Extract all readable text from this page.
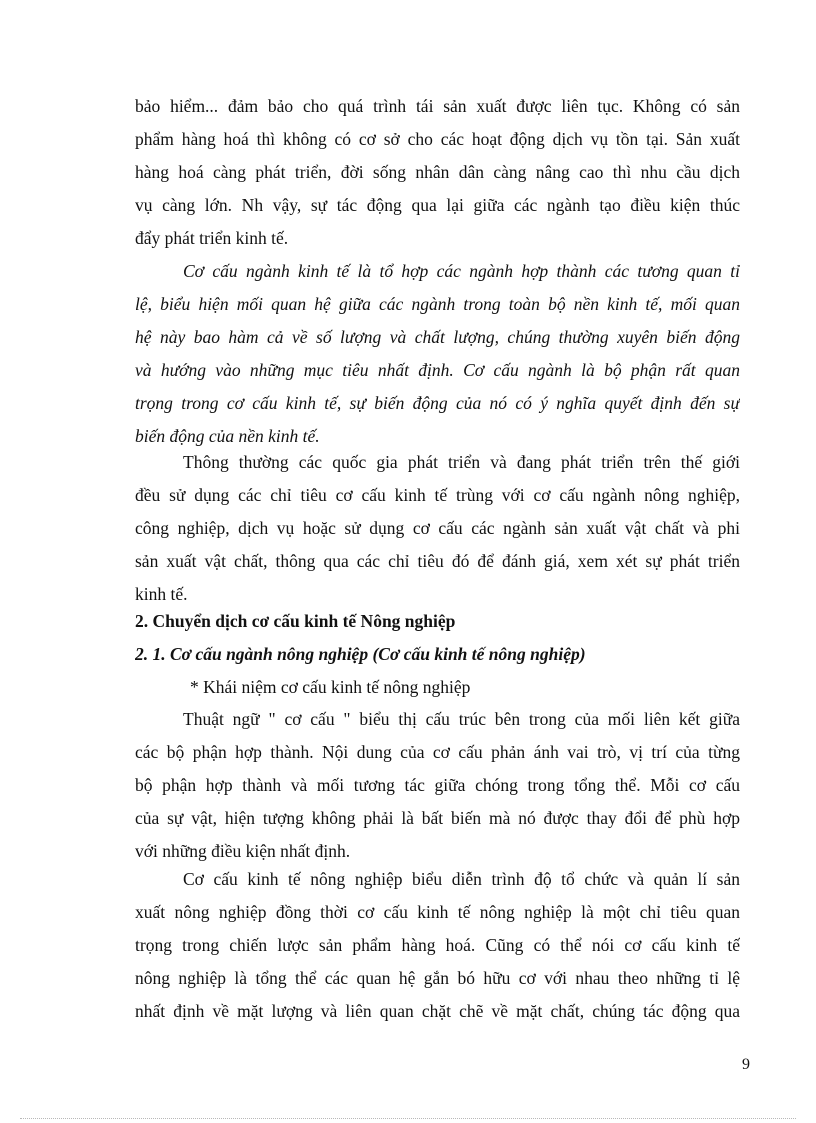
bảo hiểm... đảm bảo cho quá trình tái sản xuất được liên tục. Không có sản
phẩm hàng hoá thì không có cơ sở cho các hoạt động dịch vụ tồn tại. Sản xuất
hàng hoá càng phát triển, đời sống nhân dân càng nâng cao thì nhu cầu dịch
vụ càng lớn. Nh vậy, sự tác động qua lại giữa các ngành tạo điều kiện thúc
đẩy phát triển kinh tế.
Cơ cấu ngành kinh tế là tổ hợp các ngành hợp thành các tương quan tỉ
lệ, biểu hiện mối quan hệ giữa các ngành trong toàn bộ nền kinh tế, mối quan
hệ này bao hàm cả về số lượng và chất lượng, chúng thường xuyên biến động
và hướng vào những mục tiêu nhất định. Cơ cấu ngành là bộ phận rất quan
trọng trong cơ cấu kinh tế, sự biến động của nó có ý nghĩa quyết định đến sự
biến động của nền kinh tế.
Thông thường các quốc gia phát triển và đang phát triển trên thế giới
đều sử dụng các chỉ tiêu cơ cấu kinh tế trùng với cơ cấu ngành nông nghiệp,
công nghiệp, dịch vụ hoặc sử dụng cơ cấu các ngành sản xuất vật chất và phi
sản xuất vật chất, thông qua các chỉ tiêu đó để đánh giá, xem xét sự phát triển
kinh tế.
2. Chuyển dịch cơ cấu kinh tế Nông nghiệp
2. 1. Cơ cấu ngành nông nghiệp (Cơ cấu kinh tế nông nghiệp)
* Khái niệm cơ cấu kinh tế nông nghiệp
Thuật ngữ " cơ cấu " biểu thị cấu trúc bên trong của mối liên kết giữa
các bộ phận hợp thành. Nội dung của cơ cấu phản ánh vai trò, vị trí của từng
bộ phận hợp thành và mối tương tác giữa chóng trong tổng thể. Mỗi cơ cấu
của sự vật, hiện tượng không phải là bất biến mà nó được thay đổi để phù hợp
với những điều kiện nhất định.
Cơ cấu kinh tế nông nghiệp biểu diễn trình độ tổ chức và quản lí sản
xuất nông nghiệp đồng thời cơ cấu kinh tế nông nghiệp là một chỉ tiêu quan
trọng trong chiến lược sản phẩm hàng hoá. Cũng có thể nói cơ cấu kinh tế
nông nghiệp là tổng thể các quan hệ gắn bó hữu cơ với nhau theo những tỉ lệ
nhất định về mặt lượng và liên quan chặt chẽ về mặt chất, chúng tác động qua
9
